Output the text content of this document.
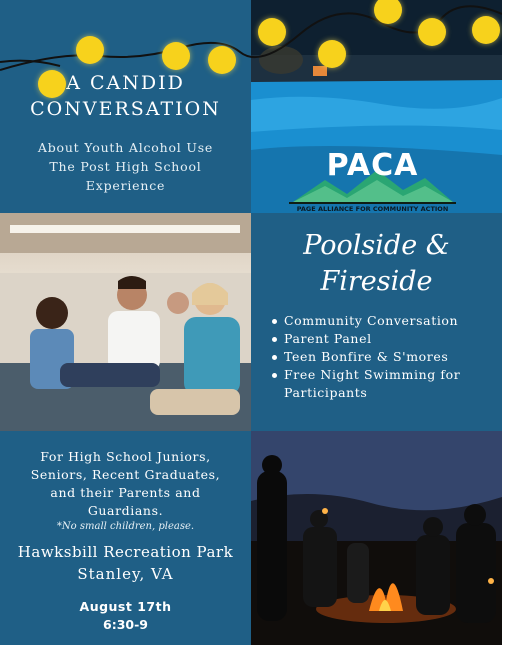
A CANDID
CONVERSATION
About Youth Alcohol Use
The Post High School
Experience
Poolside &
Fireside
Community Conversation
Parent Panel
Teen Bonfire & S'mores
Free Night Swimming for
Participants
For High School Juniors,
Seniors, Recent Graduates,
and their Parents and
Guardians.
*No small children, please.
Hawksbill Recreation Park
Stanley, VA
August 17th
6:30-9
PACA
PAGE ALLIANCE FOR COMMUNITY ACTION
